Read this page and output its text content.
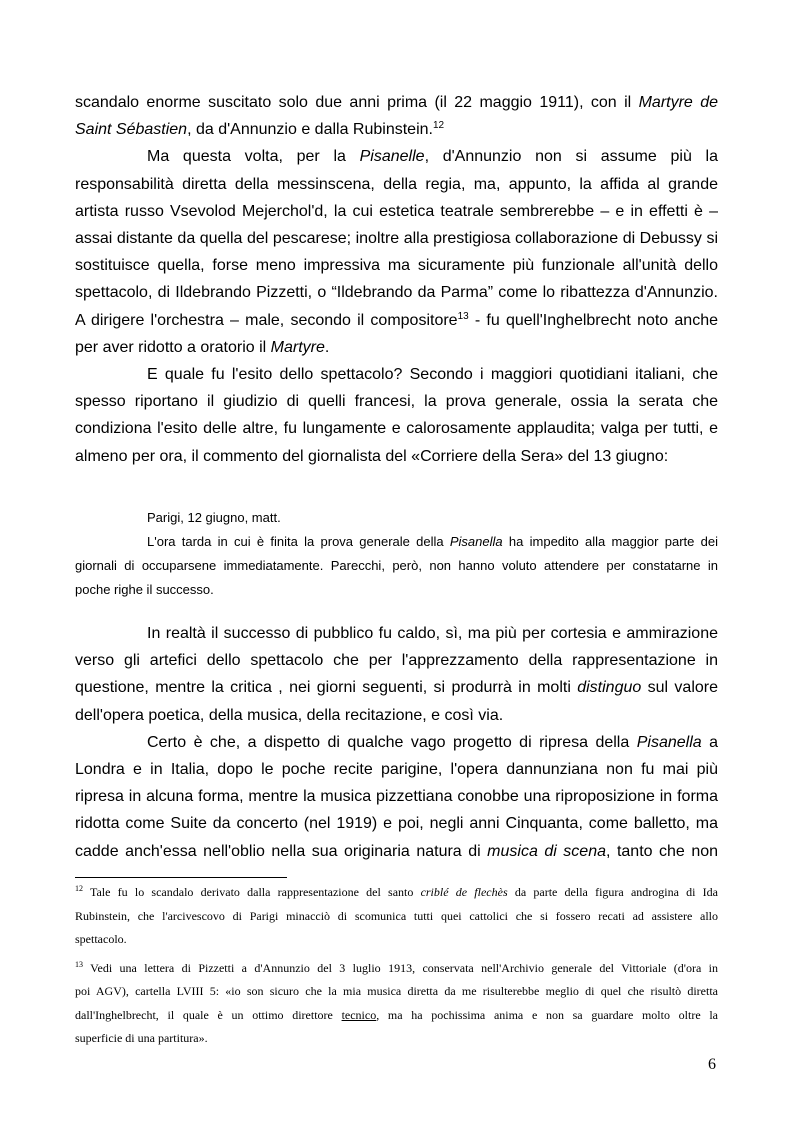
scandalo enorme suscitato solo due anni prima (il 22 maggio 1911), con il Martyre de

Saint Sébastien, da d'Annunzio e dalla Rubinstein.$^{12}$

Ma questa volta, per la Pisanelle, d'Annunzio non si assume più la

responsabilità diretta della messinscena, della regia, ma, appunto, la affida al grande

artista russo Vsevolod Mejerchol'd, la cui estetica teatrale sembrerebbe – e in effetti è –

assai distante da quella del pescarese; inoltre alla prestigiosa collaborazione di Debussy si

sostituisce quella, forse meno impressiva ma sicuramente più funzionale all'unità dello

spettacolo, di Ildebrando Pizzetti, o “Ildebrando da Parma” come lo ribattezza d'Annunzio.

A dirigere l'orchestra – male, secondo il compositore$^{13}$ - fu quell'Inghelbrecht noto anche

per aver ridotto a oratorio il Martyre.

E quale fu l'esito dello spettacolo? Secondo i maggiori quotidiani italiani, che

spesso riportano il giudizio di quelli francesi, la prova generale, ossia la serata che

condiziona l'esito delle altre, fu lungamente e calorosamente applaudita; valga per tutti, e

almeno per ora, il commento del giornalista del «Corriere della Sera» del 13 giugno:

Parigi, 12 giugno, matt.

L'ora tarda in cui è finita la prova generale della Pisanella ha impedito alla maggior parte dei

giornali di occuparsene immediatamente. Parecchi, però, non hanno voluto attendere per constatarne in

poche righe il successo.

In realtà il successo di pubblico fu caldo, sì, ma più per cortesia e ammirazione

verso gli artefici dello spettacolo che per l'apprezzamento della rappresentazione in

questione, mentre la critica , nei giorni seguenti, si produrrà in molti distinguo sul valore

dell'opera poetica, della musica, della recitazione, e così via.

Certo è che, a dispetto di qualche vago progetto di ripresa della Pisanella a

Londra e in Italia, dopo le poche recite parigine, l'opera dannunziana non fu mai più

ripresa in alcuna forma, mentre la musica pizzettiana conobbe una riproposizione in forma

ridotta come Suite da concerto (nel 1919) e poi, negli anni Cinquanta, come balletto, ma

cadde anch'essa nell'oblio nella sua originaria natura di musica di scena, tanto che non

$^{12}$ Tale fu lo scandalo derivato dalla rappresentazione del santo criblé de flechès da parte della figura androgina di Ida

Rubinstein, che l'arcivescovo di Parigi minacciò di scomunica tutti quei cattolici che si fossero recati ad assistere allo

spettacolo.

$^{13}$ Vedi una lettera di Pizzetti a d'Annunzio del 3 luglio 1913, conservata nell'Archivio generale del Vittoriale (d'ora in

poi AGV), cartella LVIII 5: «io son sicuro che la mia musica diretta da me risulterebbe meglio di quel che risultò diretta

dall'Inghelbrecht, il quale è un ottimo direttore tecnico, ma ha pochissima anima e non sa guardare molto oltre la

superficie di una partitura».

6
